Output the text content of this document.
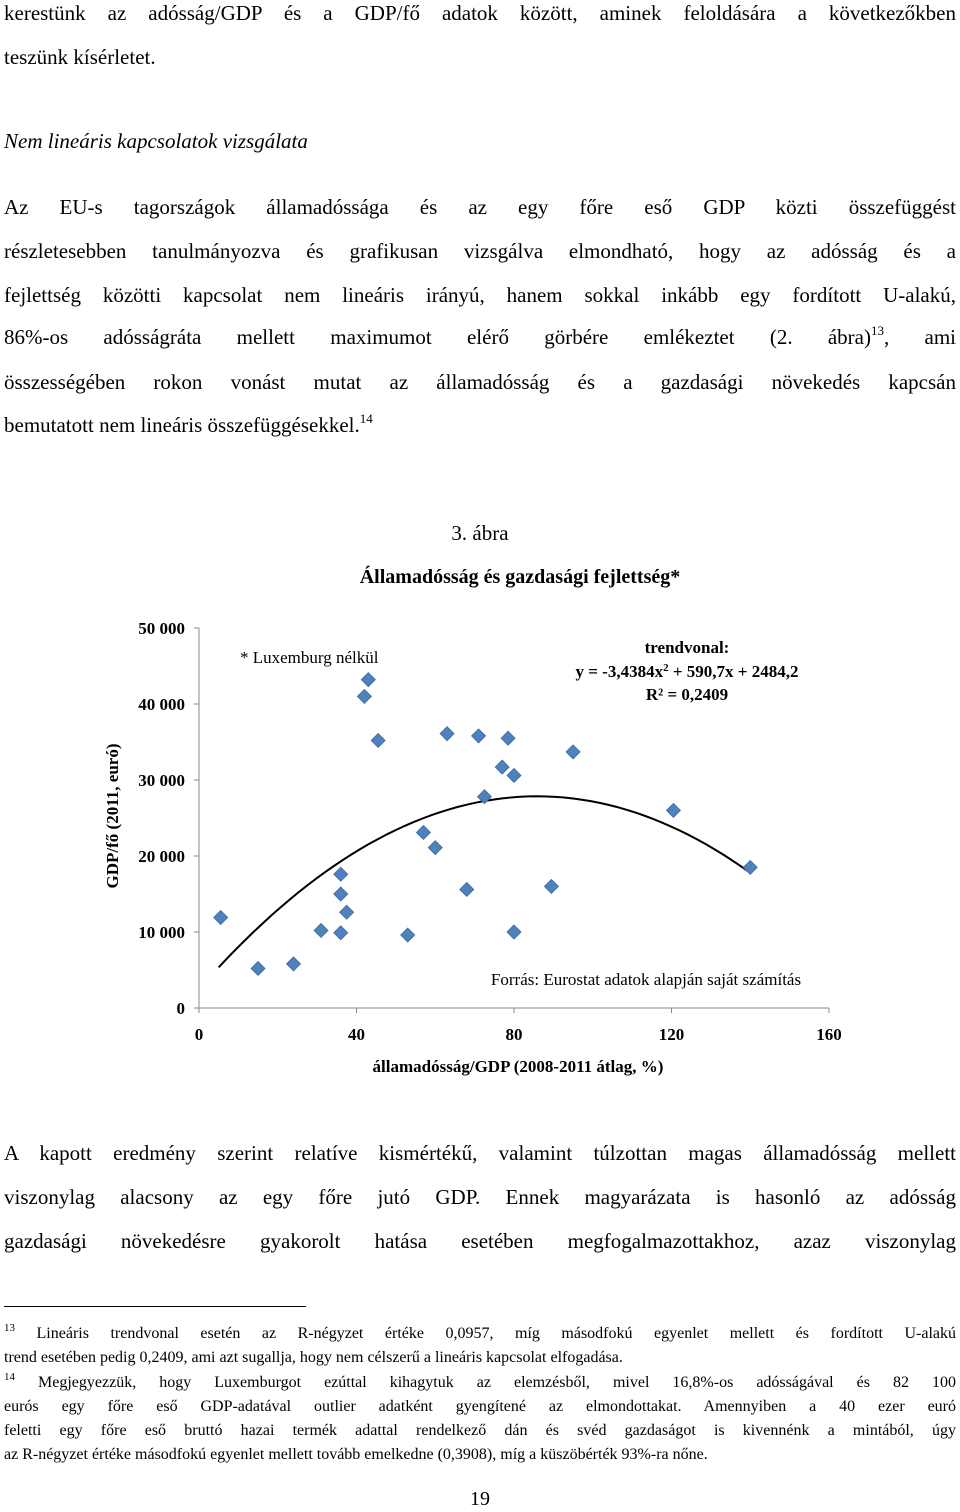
kerestünk az adósság/GDP és a GDP/fő adatok között, aminek feloldására a következőkben
teszünk kísérletet.
Nem lineáris kapcsolatok vizsgálata
Az EU-s tagországok államadóssága és az egy főre eső GDP közti összefüggést
részletesebben tanulmányozva és grafikusan vizsgálva elmondható, hogy az adósság és a
fejlettség közötti kapcsolat nem lineáris irányú, hanem sokkal inkább egy fordított U-alakú,
86%-os adósságráta mellett maximumot elérő görbére emlékeztet (2. ábra)$^{13}$, ami
összességében rokon vonást mutat az államadósság és a gazdasági növekedés kapcsán
bemutatott nem lineáris összefüggésekkel.$^{14}$
3. ábra
Államadósság és gazdasági fejlettség*
0
10 000
20 000
30 000
40 000
50 000
0	40	80	120	160
államadósság/GDP (2008-2011 átlag, %)
GDP/fő (2011, euró)
* Luxemburg nélkül
trendvonal:
$y = -3,4384x^2 + 590,7x + 2484,2$
R² = 0,2409
Forrás: Eurostat adatok alapján saját számítás
A kapott eredmény szerint relatíve kismértékű, valamint túlzottan magas államadósság mellett
viszonylag alacsony az egy főre jutó GDP. Ennek magyarázata is hasonló az adósság
gazdasági növekedésre gyakorolt hatása esetében megfogalmazottakhoz, azaz viszonylag
$^{13}$ Lineáris trendvonal esetén az R-négyzet értéke 0,0957, míg másodfokú egyenlet mellett és fordított U-alakú
trend esetében pedig 0,2409, ami azt sugallja, hogy nem célszerű a lineáris kapcsolat elfogadása.
$^{14}$ Megjegyezzük, hogy Luxemburgot ezúttal kihagytuk az elemzésből, mivel 16,8%-os adósságával és 82 100
eurós egy főre eső GDP-adatával outlier adatként gyengítené az elmondottakat. Amennyiben a 40 ezer euró
feletti egy főre eső bruttó hazai termék adattal rendelkező dán és svéd gazdaságot is kivennénk a mintából, úgy
az R-négyzet értéke másodfokú egyenlet mellett tovább emelkedne (0,3908), míg a küszöbérték 93%-ra nőne.
19
